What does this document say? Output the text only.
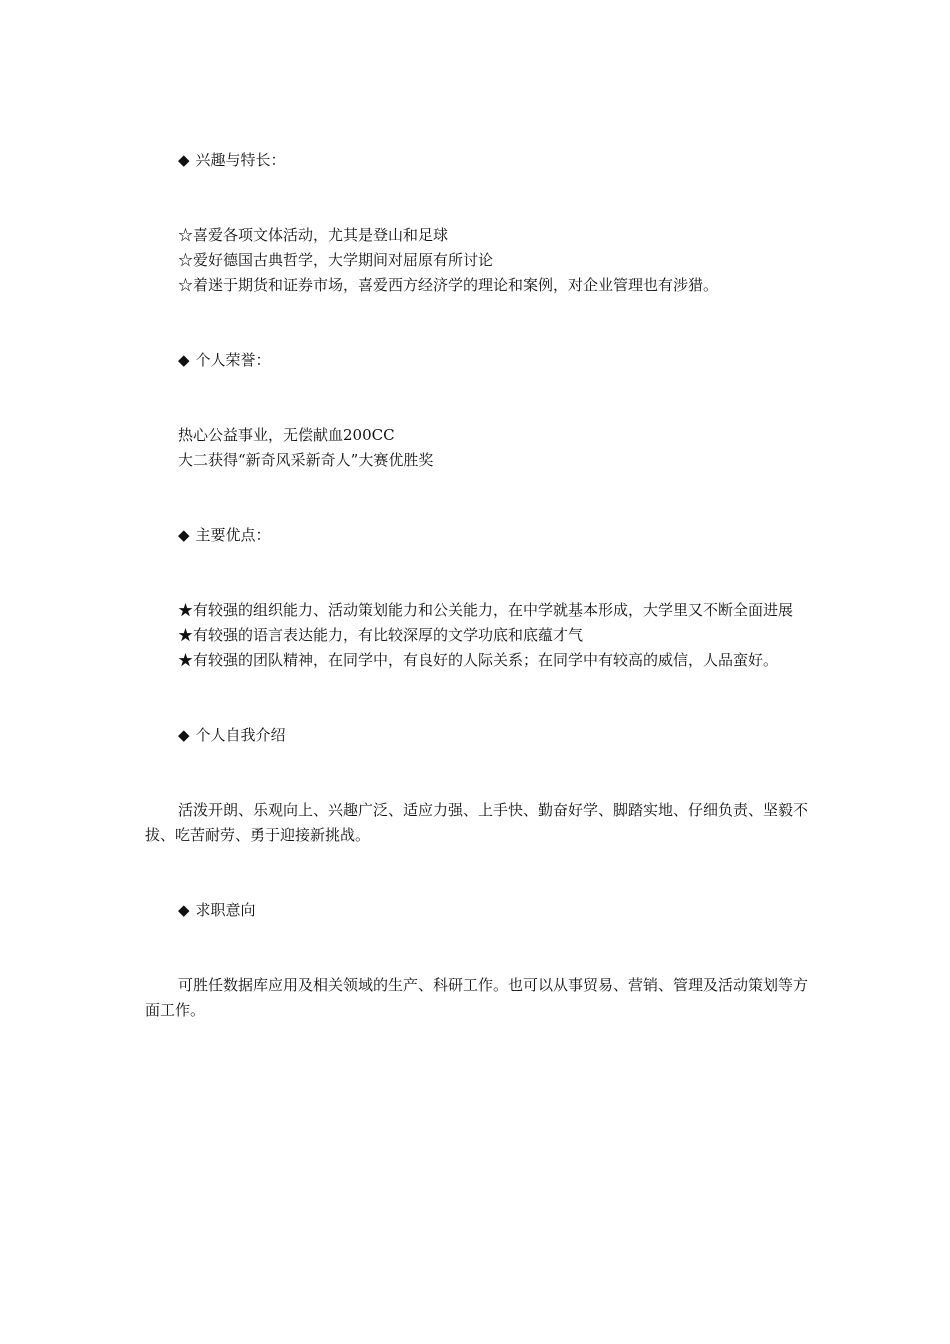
◆ 兴趣与特长：

☆喜爱各项文体活动，尤其是登山和足球

☆爱好德国古典哲学，大学期间对屈原有所讨论

☆着迷于期货和证券市场，喜爱西方经济学的理论和案例，对企业管理也有涉猎。

◆ 个人荣誉：

热心公益事业，无偿献血200CC

大二获得“新奇风采新奇人”大赛优胜奖

◆ 主要优点：

★有较强的组织能力、活动策划能力和公关能力，在中学就基本形成，大学里又不断全面进展

★有较强的语言表达能力，有比较深厚的文学功底和底蕴才气

★有较强的团队精神，在同学中，有良好的人际关系；在同学中有较高的威信，人品蛮好。

◆ 个人自我介绍

活泼开朗、乐观向上、兴趣广泛、适应力强、上手快、勤奋好学、脚踏实地、仔细负责、坚毅不拔、吃苦耐劳、勇于迎接新挑战。

◆ 求职意向

可胜任数据库应用及相关领域的生产、科研工作。也可以从事贸易、营销、管理及活动策划等方面工作。
